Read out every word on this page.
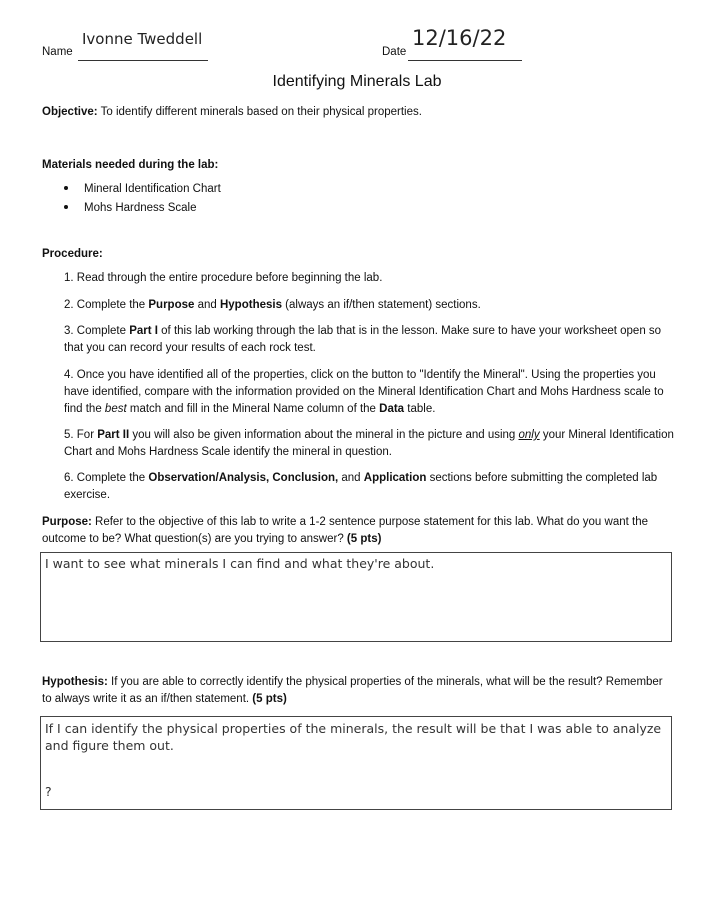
Name
Ivonne Tweddell
Date
12/16/22
Identifying Minerals Lab
Objective: To identify different minerals based on their physical properties.
Materials needed during the lab:
Mineral Identification Chart
Mohs Hardness Scale
Procedure:
1. Read through the entire procedure before beginning the lab.
2. Complete the Purpose and Hypothesis (always an if/then statement) sections.
3. Complete Part I of this lab working through the lab that is in the lesson. Make sure to have your worksheet open so that you can record your results of each rock test.
4. Once you have identified all of the properties, click on the button to "Identify the Mineral". Using the properties you have identified, compare with the information provided on the Mineral Identification Chart and Mohs Hardness scale to find the best match and fill in the Mineral Name column of the Data table.
5. For Part II you will also be given information about the mineral in the picture and using only your Mineral Identification Chart and Mohs Hardness Scale identify the mineral in question.
6. Complete the Observation/Analysis, Conclusion, and Application sections before submitting the completed lab exercise.
Purpose: Refer to the objective of this lab to write a 1-2 sentence purpose statement for this lab. What do you want the outcome to be? What question(s) are you trying to answer? (5 pts)
I want to see what minerals I can find and what they're about.
Hypothesis: If you are able to correctly identify the physical properties of the minerals, what will be the result? Remember to always write it as an if/then statement. (5 pts)
If I can identify the physical properties of the minerals, the result will be that I was able to analyze and figure them out.
?
